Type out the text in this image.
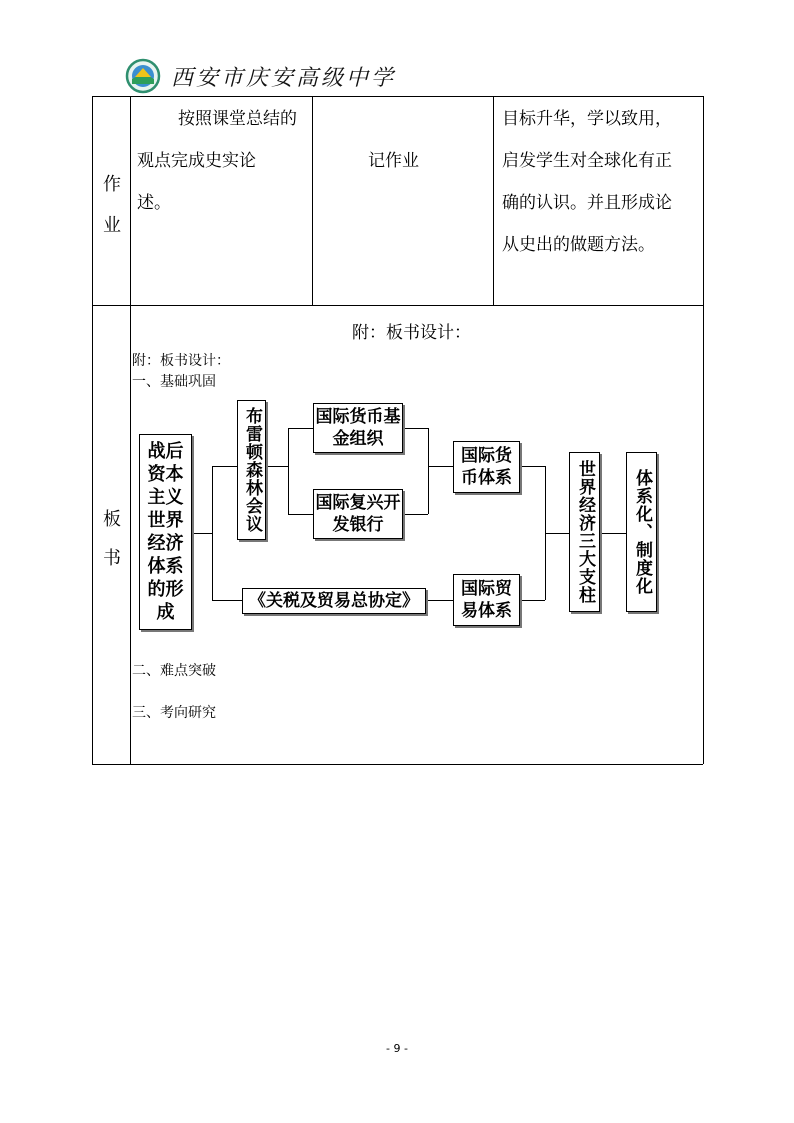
西安市庆安高级中学
作
业
按照课堂总结的
观点完成史实论
述。
记作业
目标升华，学以致用，
启发学生对全球化有正
确的认识。并且形成论
从史出的做题方法。
板
书
附：板书设计：
附：板书设计：
一、基础巩固
二、难点突破
三、考向研究
战后资本主义世界经济体系的形成
布雷顿森林会议	国际货币基金组织
国际复兴开发银行
《关税及贸易总协定》
国际货币体系
国际贸易体系
世界经济三大支柱 体系化、制度化
- 9 -
